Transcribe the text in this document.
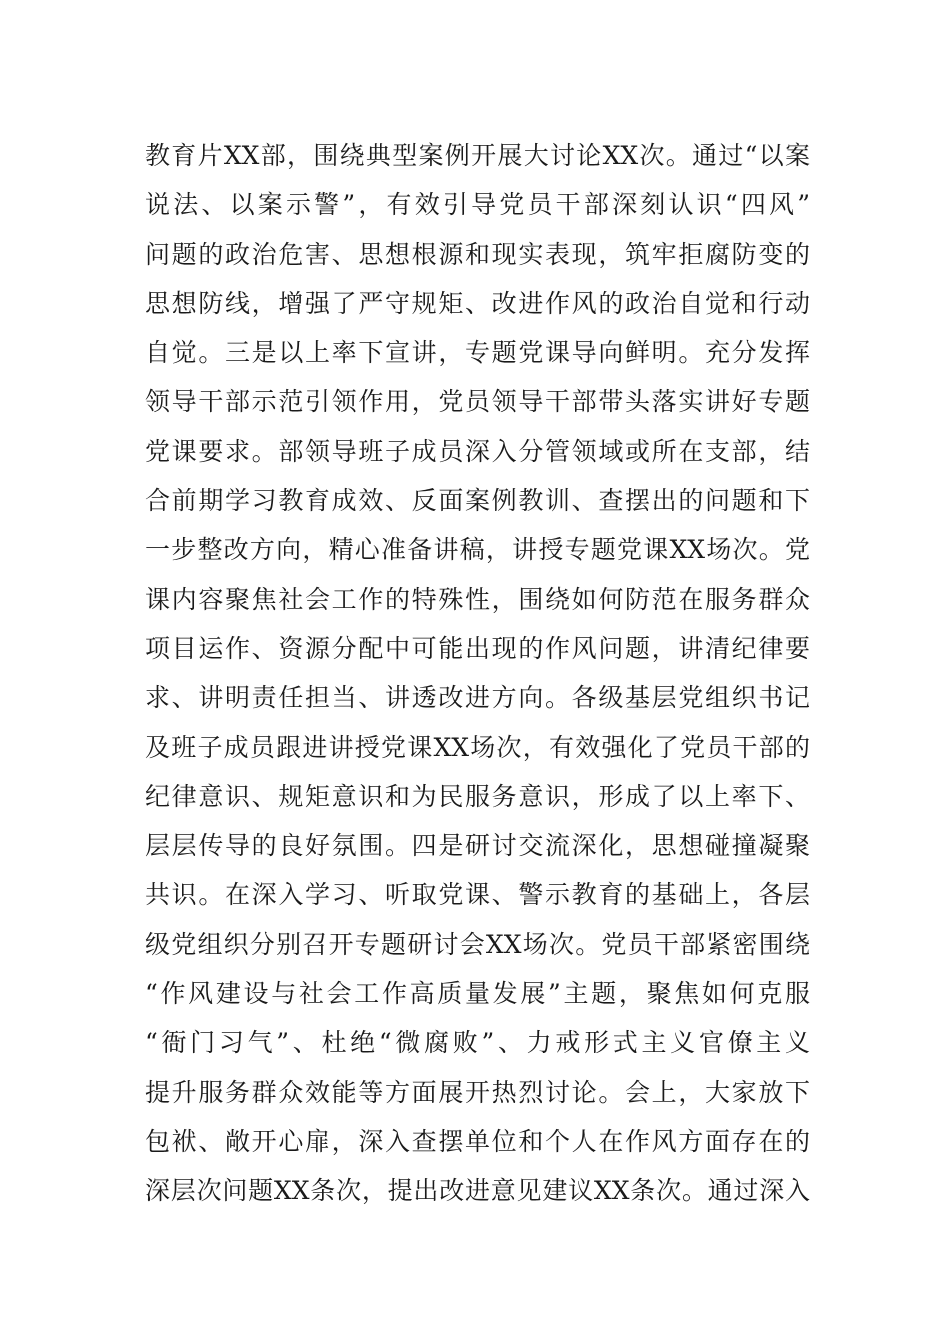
教育片XX部，围绕典型案例开展大讨论XX次。通过“以案
说法、以案示警”，有效引导党员干部深刻认识“四风”
问题的政治危害、思想根源和现实表现，筑牢拒腐防变的
思想防线，增强了严守规矩、改进作风的政治自觉和行动
自觉。三是以上率下宣讲，专题党课导向鲜明。充分发挥
领导干部示范引领作用，党员领导干部带头落实讲好专题
党课要求。部领导班子成员深入分管领域或所在支部，结
合前期学习教育成效、反面案例教训、查摆出的问题和下
一步整改方向，精心准备讲稿，讲授专题党课XX场次。党
课内容聚焦社会工作的特殊性，围绕如何防范在服务群众
项目运作、资源分配中可能出现的作风问题，讲清纪律要
求、讲明责任担当、讲透改进方向。各级基层党组织书记
及班子成员跟进讲授党课XX场次，有效强化了党员干部的
纪律意识、规矩意识和为民服务意识，形成了以上率下、
层层传导的良好氛围。四是研讨交流深化，思想碰撞凝聚
共识。在深入学习、听取党课、警示教育的基础上，各层
级党组织分别召开专题研讨会XX场次。党员干部紧密围绕
“作风建设与社会工作高质量发展”主题，聚焦如何克服
“衙门习气”、杜绝“微腐败”、力戒形式主义官僚主义
提升服务群众效能等方面展开热烈讨论。会上，大家放下
包袱、敞开心扉，深入查摆单位和个人在作风方面存在的
深层次问题XX条次，提出改进意见建议XX条次。通过深入
